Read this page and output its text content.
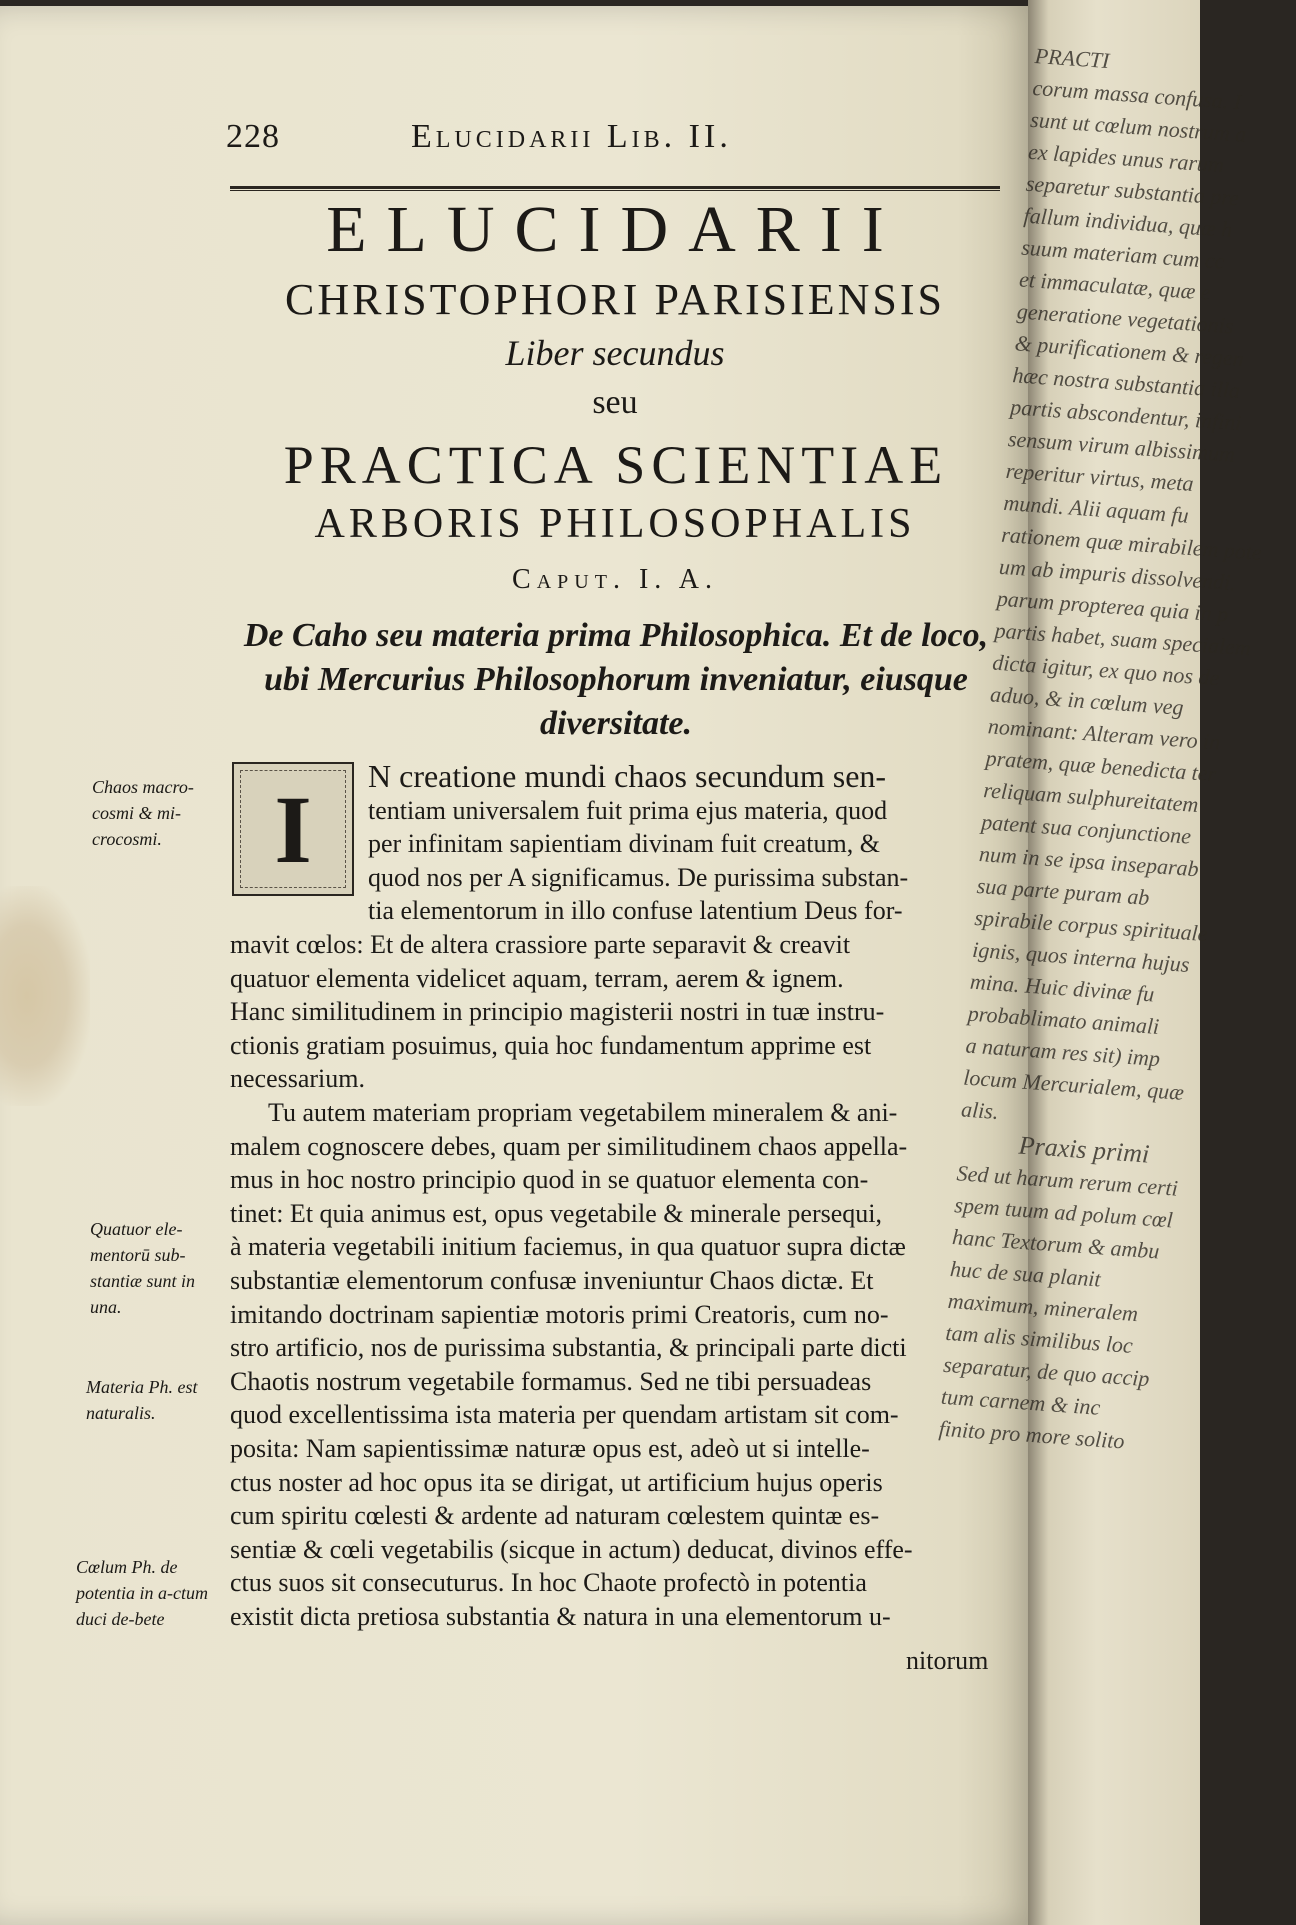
228	Elucidarii Lib. II.
ELUCIDARII
CHRISTOPHORI PARISIENSIS
Liber secundus
seu
PRACTICA SCIENTIAE
ARBORIS PHILOSOPHALIS
Caput. I. A.
De Caho seu materia prima Philosophica. Et de loco, ubi Mercurius Philosophorum inveniatur, eiusque diversitate.
Chaos macro-cosmi & mi-crocosmi.
Quatuor ele-mentorū sub-stantiæ sunt in una.
Materia Ph. est naturalis.
Cœlum Ph. de potentia in a-ctum duci de-bete
I N creatione mundi chaos secundum sen-
tentiam universalem fuit prima ejus materia, quod
per infinitam sapientiam divinam fuit creatum, &
quod nos per A significamus. De purissima substan-
tia elementorum in illo confuse latentium Deus for-
mavit cœlos: Et de altera crassiore parte separavit & creavit
quatuor elementa videlicet aquam, terram, aerem & ignem.
Hanc similitudinem in principio magisterii nostri in tuæ instru-
ctionis gratiam posuimus, quia hoc fundamentum apprime est
necessarium.
Tu autem materiam propriam vegetabilem mineralem & ani-
malem cognoscere debes, quam per similitudinem chaos appella-
mus in hoc nostro principio quod in se quatuor elementa con-
tinet: Et quia animus est, opus vegetabile & minerale persequi,
à materia vegetabili initium faciemus, in qua quatuor supra dictæ
substantiæ elementorum confusæ inveniuntur Chaos dictæ. Et
imitando doctrinam sapientiæ motoris primi Creatoris, cum no-
stro artificio, nos de purissima substantia, & principali parte dicti
Chaotis nostrum vegetabile formamus. Sed ne tibi persuadeas
quod excellentissima ista materia per quendam artistam sit com-
posita: Nam sapientissimæ naturæ opus est, adeò ut si intelle-
ctus noster ad hoc opus ita se dirigat, ut artificium hujus operis
cum spiritu cœlesti & ardente ad naturam cœlestem quintæ es-
sentiæ & cœli vegetabilis (sicque in actum) deducat, divinos effe-
ctus suos sit consecuturus. In hoc Chaote profectò in potentia
existit dicta pretiosa substantia & natura in una elementorum u-
nitorum
PRACTI
corum massa confusa. I
sunt ut cœlum nostrum a
ex lapides unus rarum
separetur substantia pre
fallum individua, quæ h
suum materiam cum cc
et immaculatæ, quæ e
generatione vegetationis
& purificationem & regen
hæc nostra substantia illa
partis abscondentur, infini
sensum virum albissimum
reperitur virtus, meta
mundi. Alii aquam fu
rationem quæ mirabilem pote
um ab impuris dissolvendi.
parum propterea quia in p
partis habet, suam specialem
dicta igitur, ex quo nos de
aduo, & in cœlum veg
nominant: Alteram vero in
pratem, quæ benedicta ter
reliquam sulphureitatem
patent sua conjunctione
num in se ipsa inseparab
sua parte puram ab
spirabile corpus spirituale
ignis, quos interna hujus
mina. Huic divinæ fu
probablimato animali
a naturam res sit) imp
locum Mercurialem, quæ
alis.
Praxis primi
Sed ut harum rerum certi
spem tuum ad polum cœl
hanc Textorum & ambu
huc de sua planit
maximum, mineralem
tam alis similibus loc
separatur, de quo accip
tum carnem & inc
finito pro more solito
